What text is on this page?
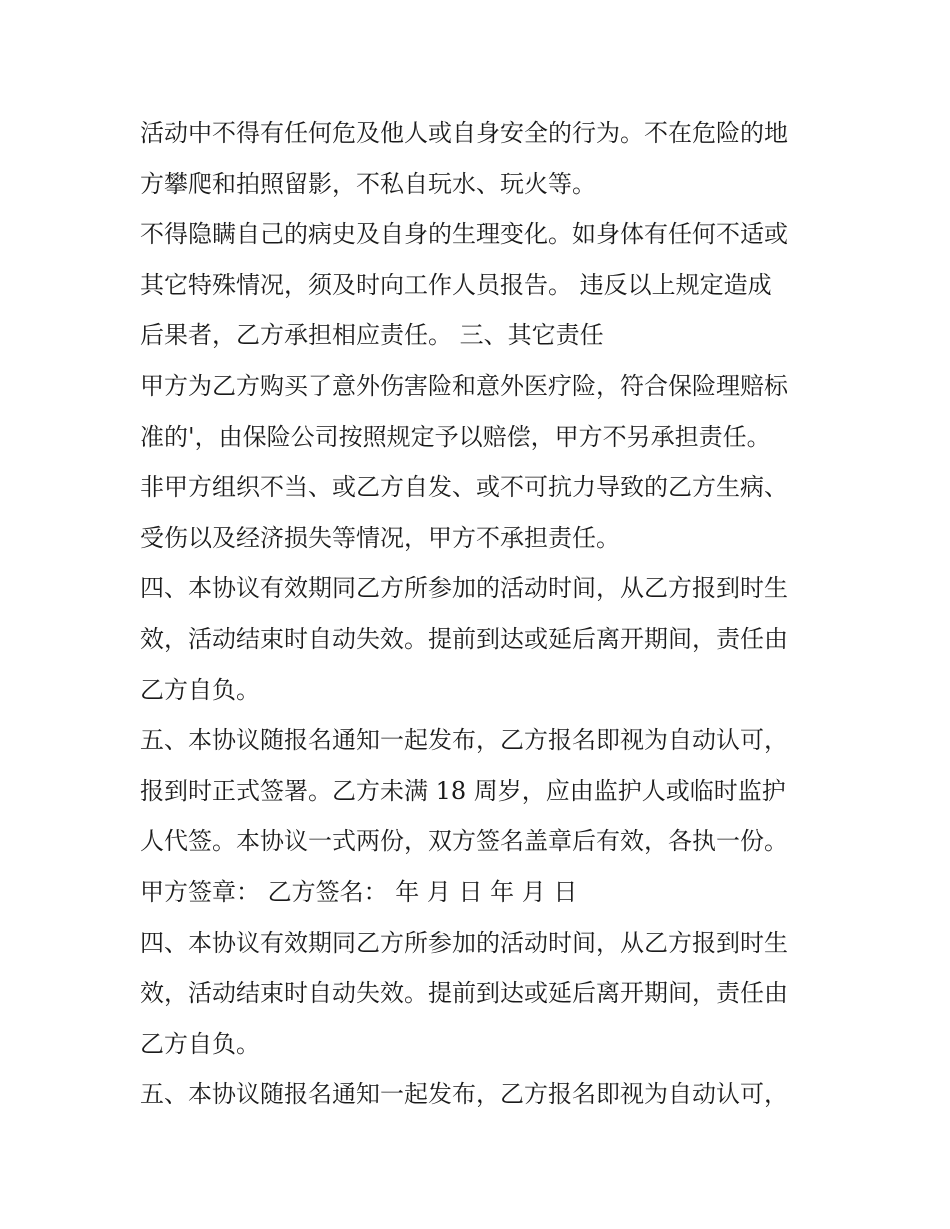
活动中不得有任何危及他人或自身安全的行为。不在危险的地
方攀爬和拍照留影，不私自玩水、玩火等。
不得隐瞒自己的病史及自身的生理变化。如身体有任何不适或
其它特殊情况，须及时向工作人员报告。 违反以上规定造成
后果者，乙方承担相应责任。 三、其它责任
甲方为乙方购买了意外伤害险和意外医疗险，符合保险理赔标
准的'，由保险公司按照规定予以赔偿，甲方不另承担责任。
非甲方组织不当、或乙方自发、或不可抗力导致的乙方生病、
受伤以及经济损失等情况，甲方不承担责任。
四、本协议有效期同乙方所参加的活动时间，从乙方报到时生
效，活动结束时自动失效。提前到达或延后离开期间，责任由
乙方自负。
五、本协议随报名通知一起发布，乙方报名即视为自动认可，
报到时正式签署。乙方未满 18 周岁，应由监护人或临时监护
人代签。本协议一式两份，双方签名盖章后有效，各执一份。
甲方签章： 乙方签名： 年 月 日 年 月 日
四、本协议有效期同乙方所参加的活动时间，从乙方报到时生
效，活动结束时自动失效。提前到达或延后离开期间，责任由
乙方自负。
五、本协议随报名通知一起发布，乙方报名即视为自动认可，
